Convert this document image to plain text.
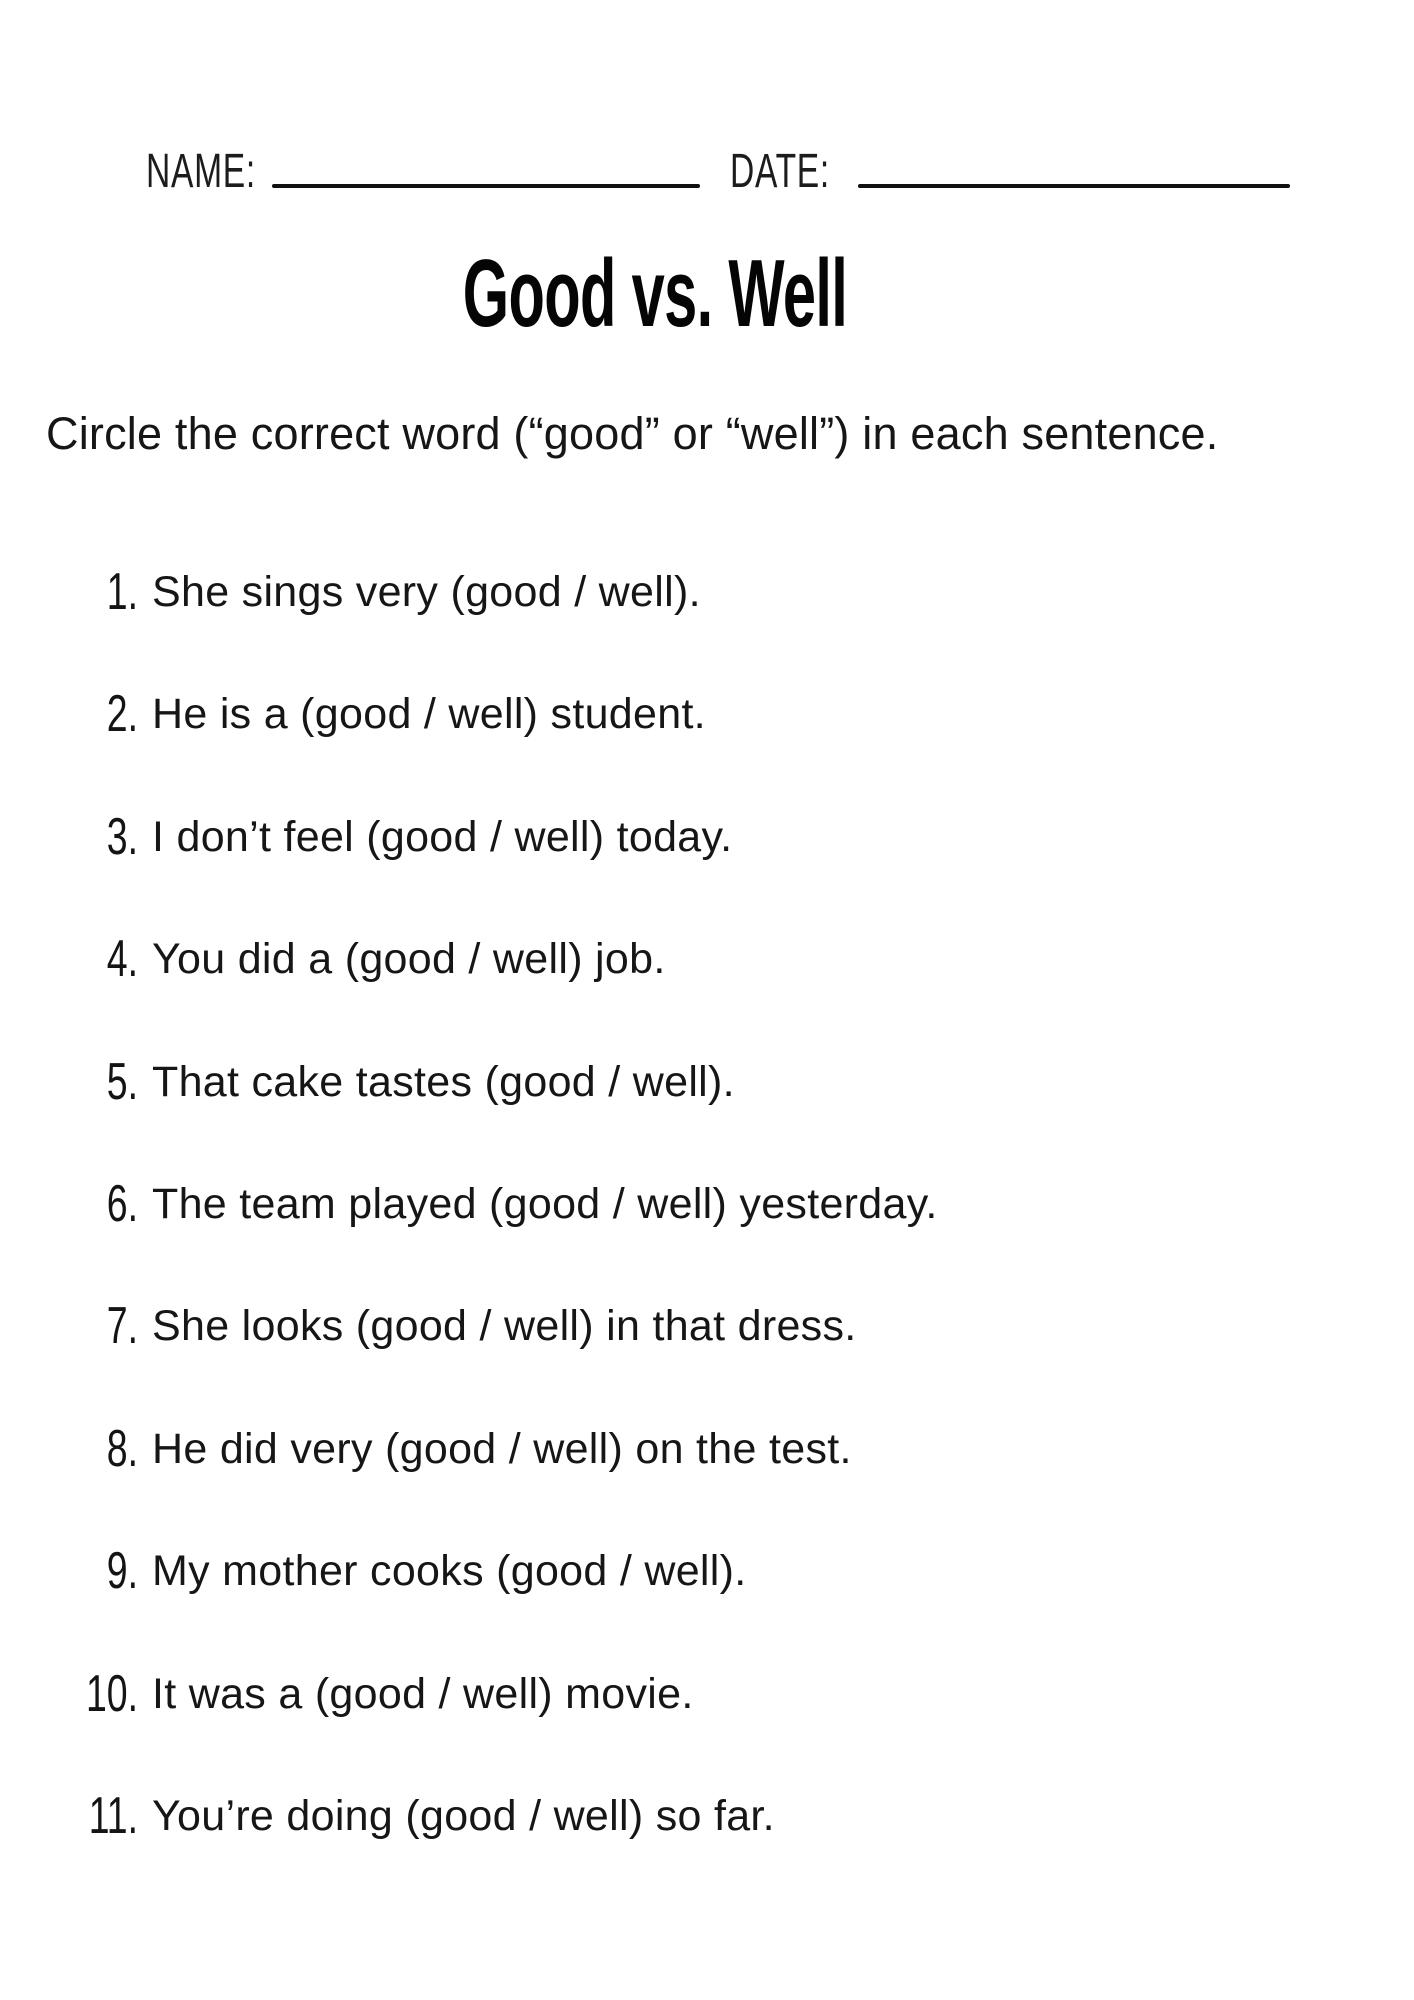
NAME:	DATE:
Good vs. Well
Circle the correct word (“good” or “well”) in each sentence.
1. She sings very (good / well).
2. He is a (good / well) student.
3. I don’t feel (good / well) today.
4. You did a (good / well) job.
5. That cake tastes (good / well).
6. The team played (good / well) yesterday.
7. She looks (good / well) in that dress.
8. He did very (good / well) on the test.
9. My mother cooks (good / well).
10. It was a (good / well) movie.
11. You’re doing (good / well) so far.
